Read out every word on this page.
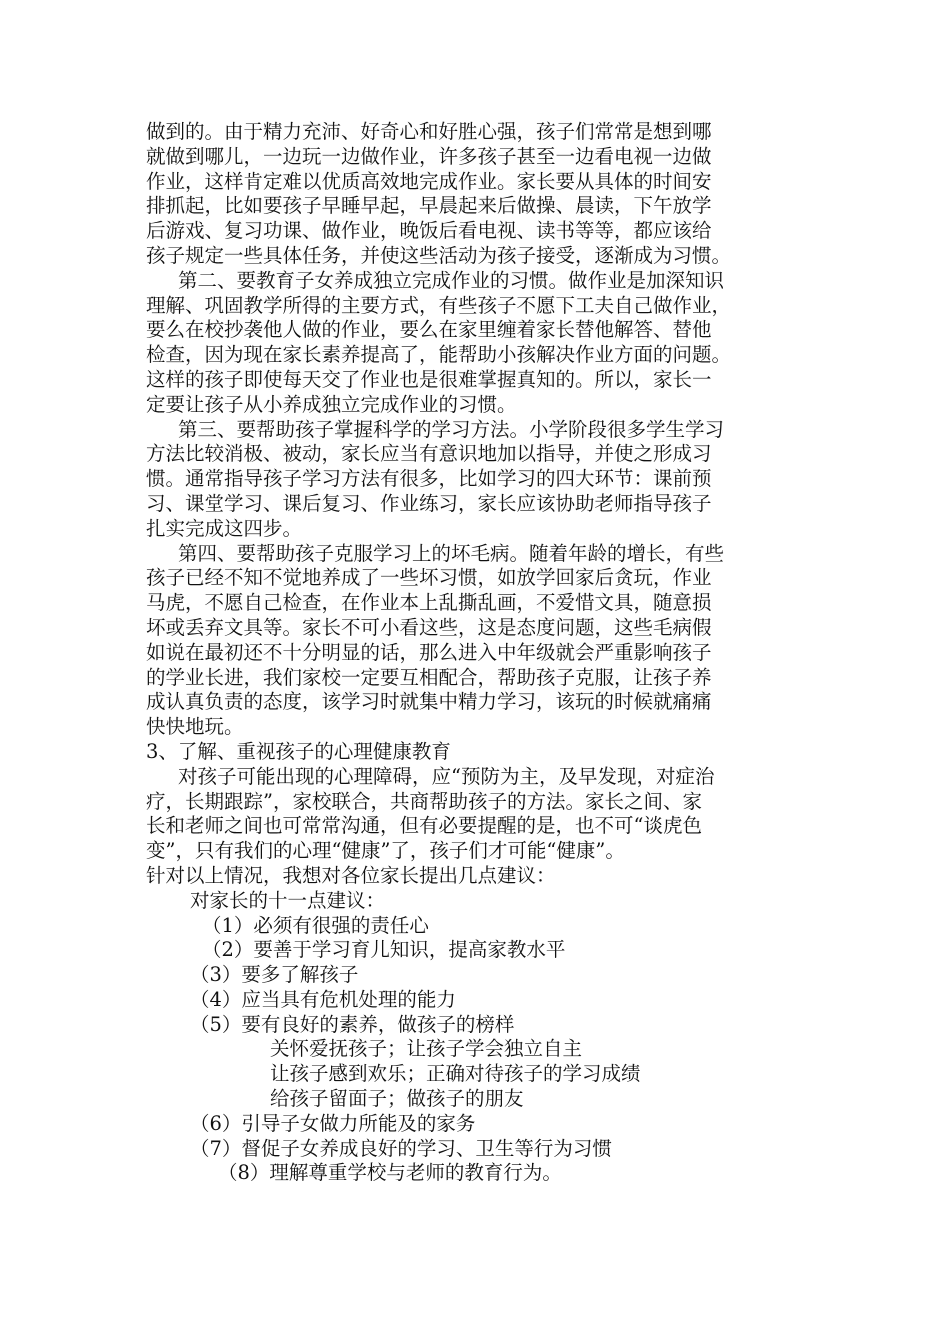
做到的。由于精力充沛、好奇心和好胜心强，孩子们常常是想到哪
就做到哪儿，一边玩一边做作业，许多孩子甚至一边看电视一边做
作业，这样肯定难以优质高效地完成作业。家长要从具体的时间安
排抓起，比如要孩子早睡早起，早晨起来后做操、晨读，下午放学
后游戏、复习功课、做作业，晚饭后看电视、读书等等，都应该给
孩子规定一些具体任务，并使这些活动为孩子接受，逐渐成为习惯。
第二、要教育子女养成独立完成作业的习惯。做作业是加深知识
理解、巩固教学所得的主要方式，有些孩子不愿下工夫自己做作业，
要么在校抄袭他人做的作业，要么在家里缠着家长替他解答、替他
检查，因为现在家长素养提高了，能帮助小孩解决作业方面的问题。
这样的孩子即使每天交了作业也是很难掌握真知的。所以，家长一
定要让孩子从小养成独立完成作业的习惯。
第三、要帮助孩子掌握科学的学习方法。小学阶段很多学生学习
方法比较消极、被动，家长应当有意识地加以指导，并使之形成习
惯。通常指导孩子学习方法有很多，比如学习的四大环节：课前预
习、课堂学习、课后复习、作业练习，家长应该协助老师指导孩子
扎实完成这四步。
第四、要帮助孩子克服学习上的坏毛病。随着年龄的增长，有些
孩子已经不知不觉地养成了一些坏习惯，如放学回家后贪玩，作业
马虎，不愿自己检查，在作业本上乱撕乱画，不爱惜文具，随意损
坏或丢弃文具等。家长不可小看这些，这是态度问题，这些毛病假
如说在最初还不十分明显的话，那么进入中年级就会严重影响孩子
的学业长进，我们家校一定要互相配合，帮助孩子克服，让孩子养
成认真负责的态度，该学习时就集中精力学习，该玩的时候就痛痛
快快地玩。
3、了解、重视孩子的心理健康教育
对孩子可能出现的心理障碍，应“预防为主，及早发现，对症治
疗，长期跟踪”，家校联合，共商帮助孩子的方法。家长之间、家
长和老师之间也可常常沟通，但有必要提醒的是，也不可“谈虎色
变”，只有我们的心理“健康”了，孩子们才可能“健康”。
针对以上情况，我想对各位家长提出几点建议：
对家长的十一点建议：
（1）必须有很强的责任心
（2）要善于学习育儿知识，提高家教水平
（3）要多了解孩子
（4）应当具有危机处理的能力
（5）要有良好的素养，做孩子的榜样
关怀爱抚孩子；让孩子学会独立自主
让孩子感到欢乐；正确对待孩子的学习成绩
给孩子留面子；做孩子的朋友
（6）引导子女做力所能及的家务
（7）督促子女养成良好的学习、卫生等行为习惯
（8）理解尊重学校与老师的教育行为。
